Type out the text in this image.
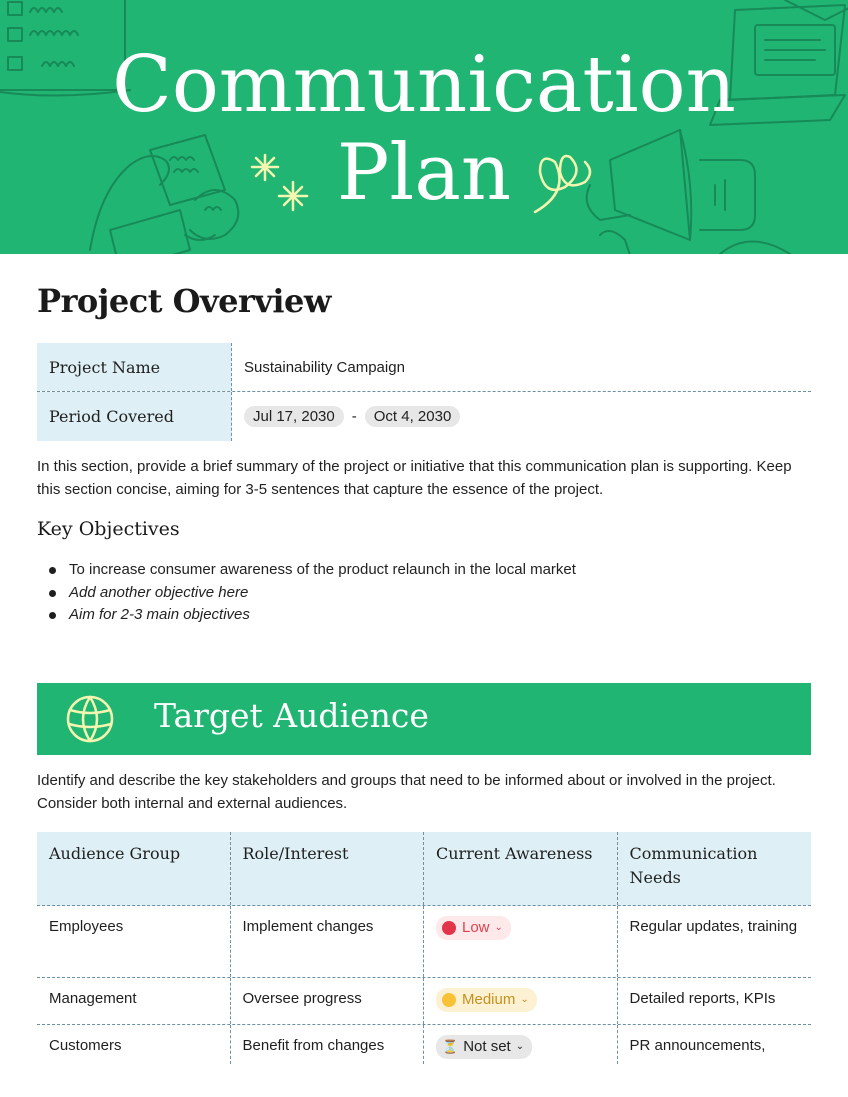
Communication
Plan
Project Overview
Project Name	Sustainability Campaign
Period Covered	Jul 17, 2030	-	Oct 4, 2030

In this section, provide a brief summary of the project or initiative that this communication plan is supporting. Keep this section concise, aiming for 3-5 sentences that capture the essence of the project.

Key Objectives
To increase consumer awareness of the product relaunch in the local market
Add another objective here
Aim for 2-3 main objectives
Target Audience

Identify and describe the key stakeholders and groups that need to be informed about or involved in the project. Consider both internal and external audiences.

Audience Group	Role/Interest	Current Awareness	Communication Needs
Employees	Implement changes	Low ⌄	Regular updates, training
Management	Oversee progress	Medium ⌄	Detailed reports, KPIs
Customers	Benefit from changes	⏳ Not set ⌄	PR announcements,
